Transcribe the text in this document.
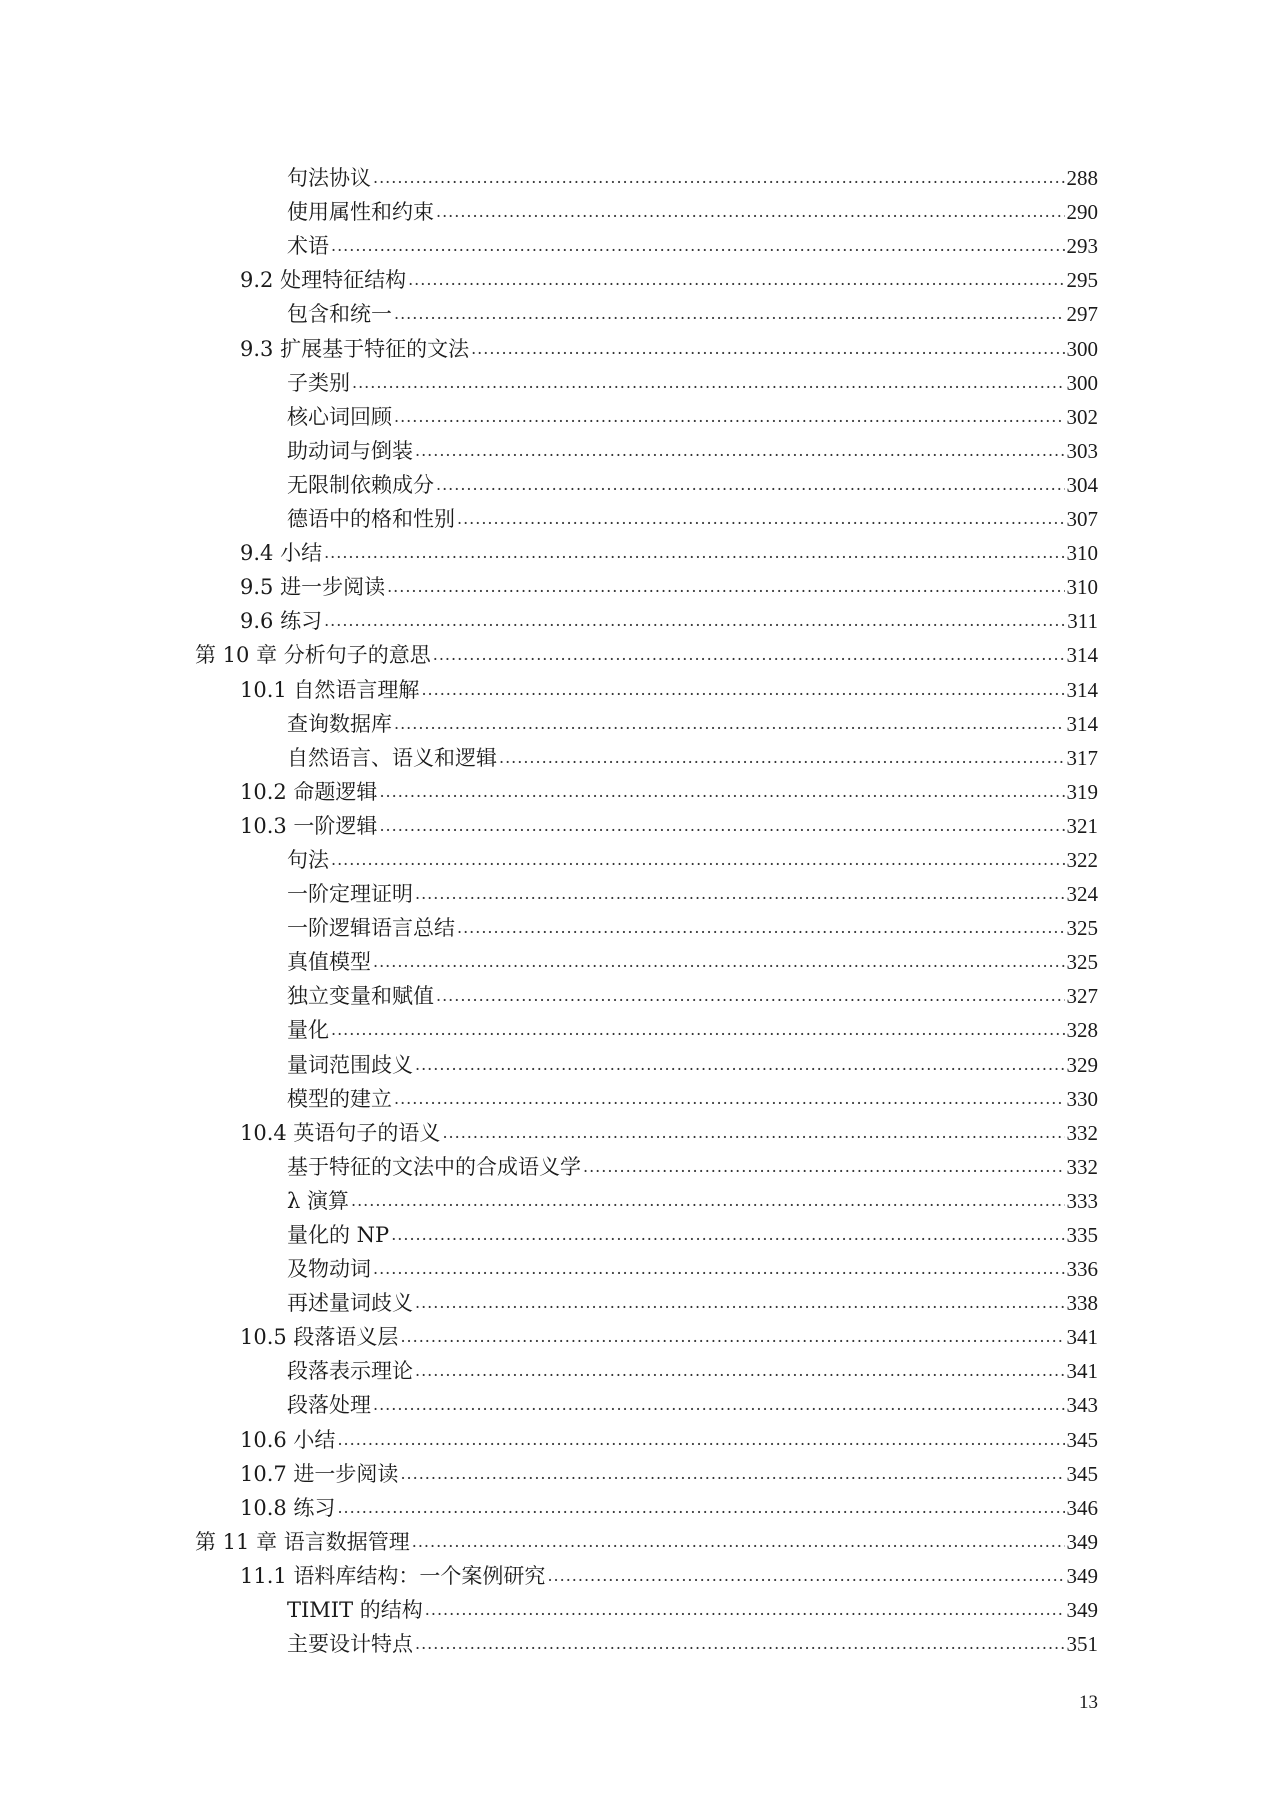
句法协议 .....	288
使用属性和约束 .....	290
术语 .....	293
9.2 处理特征结构 .....	295
包含和统一 .....	297
9.3 扩展基于特征的文法 .....	300
子类别 .....	300
核心词回顾 .....	302
助动词与倒装 .....	303
无限制依赖成分 .....	304
德语中的格和性别 .....	307
9.4 小结 .....	310
9.5 进一步阅读 .....	310
9.6 练习 .....	311
第 10 章 分析句子的意思 .....	314
10.1 自然语言理解 .....	314
查询数据库 .....	314
自然语言、语义和逻辑 .....	317
10.2 命题逻辑 .....	319
10.3 一阶逻辑 .....	321
句法 .....	322
一阶定理证明 .....	324
一阶逻辑语言总结 .....	325
真值模型 .....	325
独立变量和赋值 .....	327
量化 .....	328
量词范围歧义 .....	329
模型的建立 .....	330
10.4 英语句子的语义 .....	332
基于特征的文法中的合成语义学 .....	332
λ 演算 .....	333
量化的 NP .....	335
及物动词 .....	336
再述量词歧义 .....	338
10.5 段落语义层 .....	341
段落表示理论 .....	341
段落处理 .....	343
10.6 小结 .....	345
10.7 进一步阅读 .....	345
10.8 练习 .....	346
第 11 章 语言数据管理 .....	349
11.1 语料库结构：一个案例研究 .....	349
TIMIT 的结构 .....	349
主要设计特点 .....	351
13
